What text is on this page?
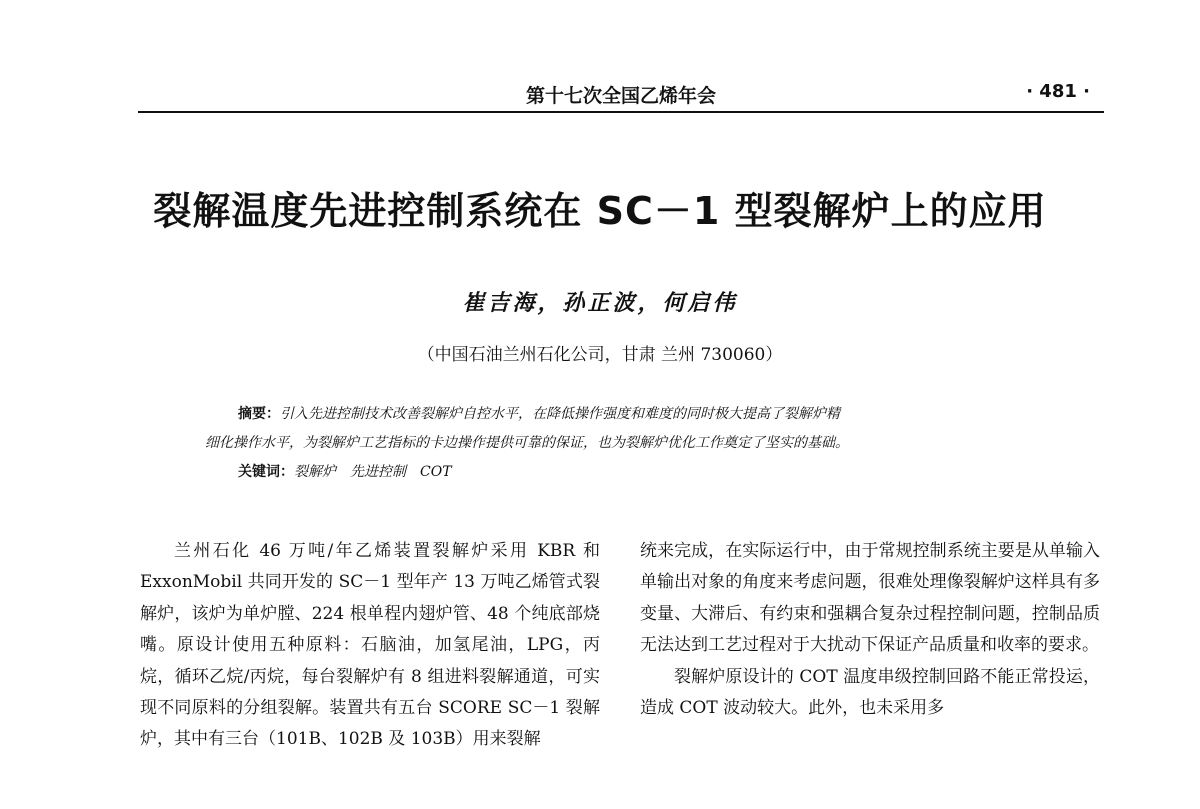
第十七次全国乙烯年会	· 481 ·
裂解温度先进控制系统在 SC－1 型裂解炉上的应用
崔吉海，孙正波，何启伟
（中国石油兰州石化公司，甘肃 兰州 730060）
摘要：引入先进控制技术改善裂解炉自控水平，在降低操作强度和难度的同时极大提高了裂解炉精
细化操作水平，为裂解炉工艺指标的卡边操作提供可靠的保证，也为裂解炉优化工作奠定了坚实的基础。
关键词：裂解炉　先进控制　COT

兰州石化 46 万吨/年乙烯装置裂解炉采用 KBR 和 ExxonMobil 共同开发的 SC－1 型年产 13 万吨乙烯管式裂解炉，该炉为单炉膛、224 根单程内翅炉管、48 个纯底部烧嘴。原设计使用五种原料：石脑油，加氢尾油，LPG，丙烷，循环乙烷/丙烷，每台裂解炉有 8 组进料裂解通道，可实现不同原料的分组裂解。装置共有五台 SCORE SC－1 裂解炉，其中有三台（101B、102B 及 103B）用来裂解

统来完成，在实际运行中，由于常规控制系统主要是从单输入单输出对象的角度来考虑问题，很难处理像裂解炉这样具有多变量、大滞后、有约束和强耦合复杂过程控制问题，控制品质无法达到工艺过程对于大扰动下保证产品质量和收率的要求。

裂解炉原设计的 COT 温度串级控制回路不能正常投运，造成 COT 波动较大。此外，也未采用多
